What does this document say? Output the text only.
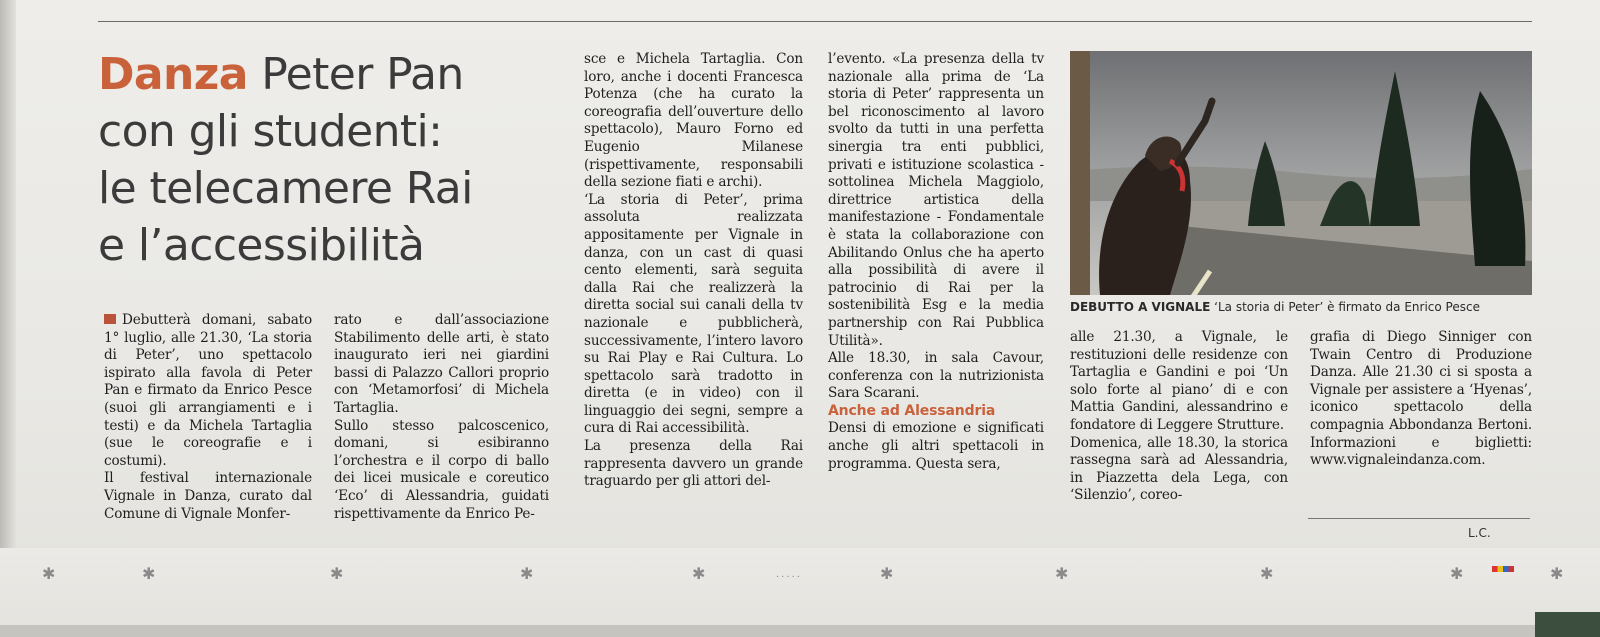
Danza Peter Pan
con gli studenti:
le telecamere Rai
e l’accessibilità

Debutterà domani, sabato 1° luglio, alle 21.30, ‘La storia di Peter’, uno spettacolo ispirato alla favola di Peter Pan e firmato da Enrico Pesce (suoi gli arrangiamenti e i testi) e da Michela Tartaglia (sue le coreografie e i costumi).
Il festival internazionale Vignale in Danza, curato dal Comune di Vignale Monfer-

rato e dall’associazione Stabilimento delle arti, è stato inaugurato ieri nei giardini bassi di Palazzo Callori proprio con ‘Metamorfosi’ di Michela Tartaglia.
Sullo stesso palcoscenico, domani, si esibiranno l’orchestra e il corpo di ballo dei licei musicale e coreutico ‘Eco’ di Alessandria, guidati rispettivamente da Enrico Pe-

sce e Michela Tartaglia. Con loro, anche i docenti Francesca Potenza (che ha curato la coreografia dell’ouverture dello spettacolo), Mauro Forno ed Eugenio Milanese (rispettivamente, responsabili della sezione fiati e archi).
‘La storia di Peter’, prima assoluta realizzata appositamente per Vignale in danza, con un cast di quasi cento elementi, sarà seguita dalla Rai che realizzerà la diretta social sui canali della tv nazionale e pubblicherà, successivamente, l’intero lavoro su Rai Play e Rai Cultura. Lo spettacolo sarà tradotto in diretta (e in video) con il linguaggio dei segni, sempre a cura di Rai accessibilità.
La presenza della Rai rappresenta davvero un grande traguardo per gli attori del-

l’evento. «La presenza della tv nazionale alla prima de ‘La storia di Peter’ rappresenta un bel riconoscimento al lavoro svolto da tutti in una perfetta sinergia tra enti pubblici, privati e istituzione scolastica - sottolinea Michela Maggiolo, direttrice artistica della manifestazione - Fondamentale è stata la collaborazione con Abilitando Onlus che ha aperto alla possibilità di avere il patrocinio di Rai per la sostenibilità Esg e la media partnership con Rai Pubblica Utilità».
Alle 18.30, in sala Cavour, conferenza con la nutrizionista Sara Scarani.

Anche ad Alessandria

Densi di emozione e significati anche gli altri spettacoli in programma. Questa sera,

alle 21.30, a Vignale, le restituzioni delle residenze con Tartaglia e Gandini e poi ‘Un solo forte al piano’ di e con Mattia Gandini, alessandrino e fondatore di Leggere Strutture.
Domenica, alle 18.30, la storica rassegna sarà ad Alessandria, in Piazzetta dela Lega, con ‘Silenzio’, coreo-

grafia di Diego Sinniger con Twain Centro di Produzione Danza. Alle 21.30 ci si sposta a Vignale per assistere a ‘Hyenas’, iconico spettacolo della compagnia Abbondanza Bertoni. Informazioni e biglietti: www.vignaleindanza.com.

DEBUTTO A VIGNALE ‘La storia di Peter’ è firmato da Enrico Pesce
L.C.
✱	✱	✱	✱	✱	·····	✱	✱	✱	✱	✱
